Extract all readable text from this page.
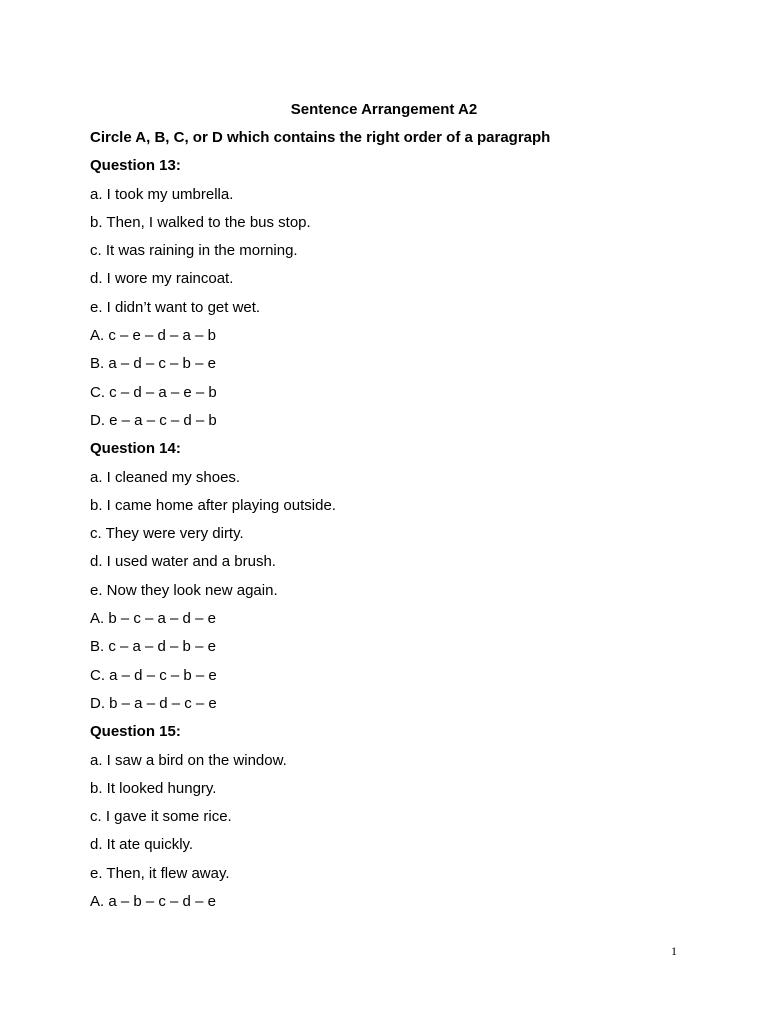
Sentence Arrangement A2
Circle A, B, C, or D which contains the right order of a paragraph
Question 13:
a. I took my umbrella.
b. Then, I walked to the bus stop.
c. It was raining in the morning.
d. I wore my raincoat.
e. I didn’t want to get wet.
A. c – e – d – a – b
B. a – d – c – b – e
C. c – d – a – e – b
D. e – a – c – d – b
Question 14:
a. I cleaned my shoes.
b. I came home after playing outside.
c. They were very dirty.
d. I used water and a brush.
e. Now they look new again.
A. b – c – a – d – e
B. c – a – d – b – e
C. a – d – c – b – e
D. b – a – d – c – e
Question 15:
a. I saw a bird on the window.
b. It looked hungry.
c. I gave it some rice.
d. It ate quickly.
e. Then, it flew away.
A. a – b – c – d – e
1
